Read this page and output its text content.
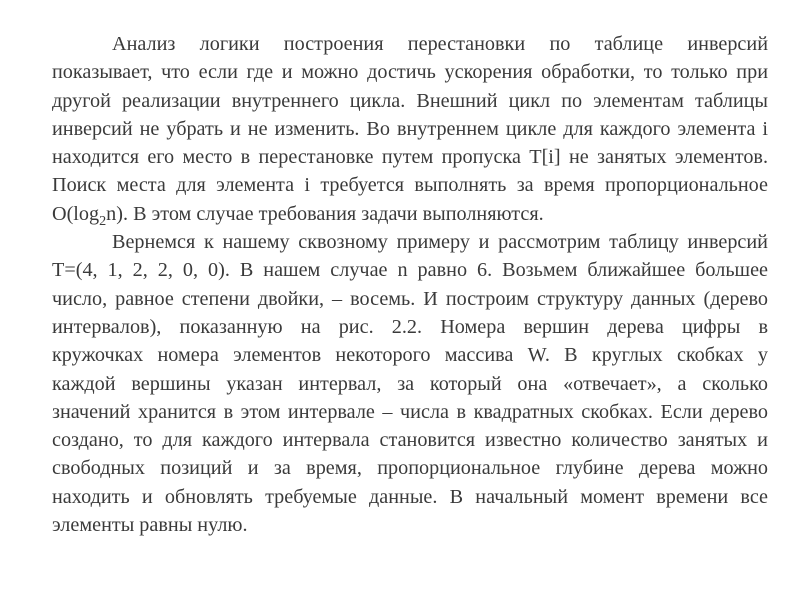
Анализ логики построения перестановки по таблице инверсий
показывает, что если где и можно достичь ускорения обработки, то только при
другой реализации внутреннего цикла. Внешний цикл по элементам таблицы
инверсий не убрать и не изменить. Во внутреннем цикле для каждого элемента i
находится его место в перестановке путем пропуска T[i] не занятых элементов.
Поиск места для элемента i требуется выполнять за время пропорциональное
$O(\log_2n)$. В этом случае требования задачи выполняются.
Вернемся к нашему сквозному примеру и рассмотрим таблицу инверсий
T=(4, 1, 2, 2, 0, 0). В нашем случае n равно 6. Возьмем ближайшее большее
число, равное степени двойки, – восемь. И построим структуру данных (дерево
интервалов), показанную на рис. 2.2. Номера вершин дерева цифры в
кружочках номера элементов некоторого массива W. В круглых скобках у
каждой вершины указан интервал, за который она «отвечает», а сколько
значений хранится в этом интервале – числа в квадратных скобках. Если дерево
создано, то для каждого интервала становится известно количество занятых и
свободных позиций и за время, пропорциональное глубине дерева можно
находить и обновлять требуемые данные. В начальный момент времени все
элементы равны нулю.
